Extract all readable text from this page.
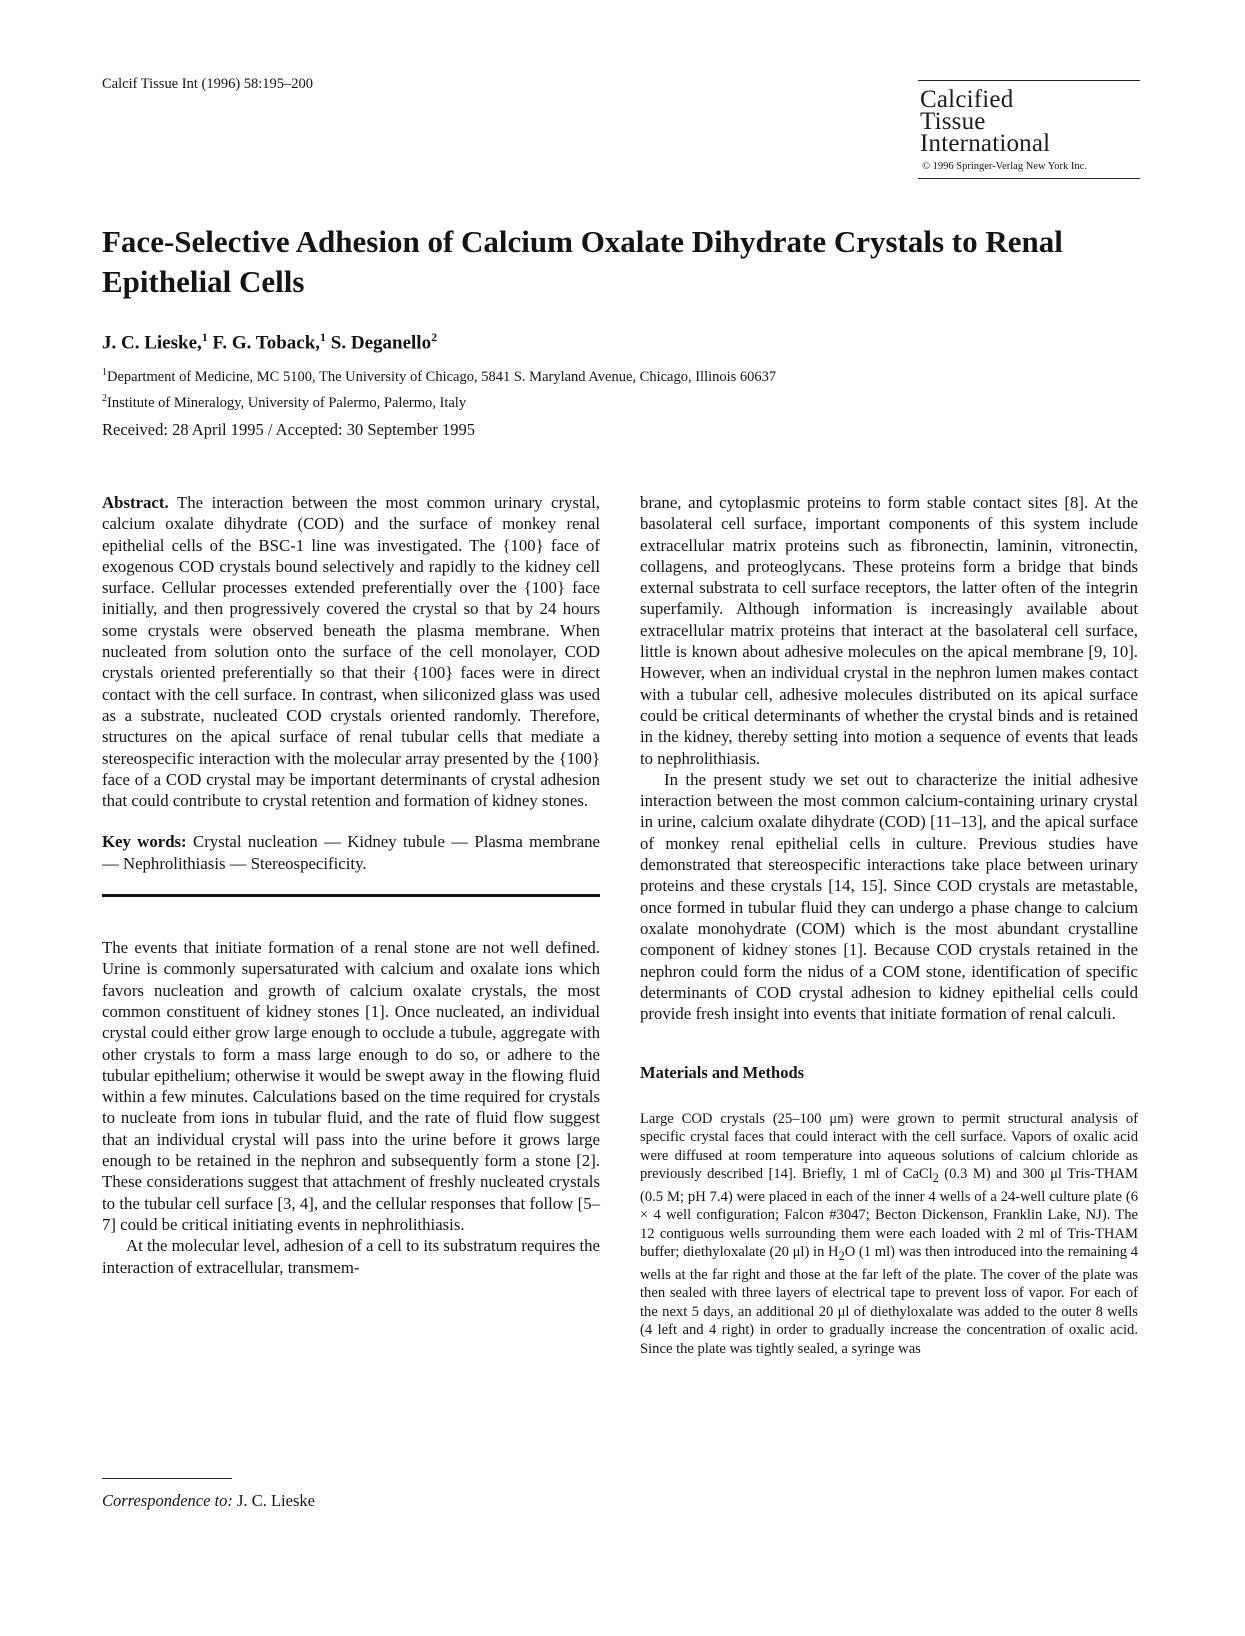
Calcif Tissue Int (1996) 58:195–200
Calcified
Tissue
International
© 1996 Springer-Verlag New York Inc.
Face-Selective Adhesion of Calcium Oxalate Dihydrate Crystals to Renal Epithelial Cells
J. C. Lieske,$^1$ F. G. Toback,$^1$ S. Deganello$^2$
$^1$Department of Medicine, MC 5100, The University of Chicago, 5841 S. Maryland Avenue, Chicago, Illinois 60637
$^2$Institute of Mineralogy, University of Palermo, Palermo, Italy
Received: 28 April 1995 / Accepted: 30 September 1995

Abstract. The interaction between the most common urinary crystal, calcium oxalate dihydrate (COD) and the surface of monkey renal epithelial cells of the BSC-1 line was investigated. The {100} face of exogenous COD crystals bound selectively and rapidly to the kidney cell surface. Cellular processes extended preferentially over the {100} face initially, and then progressively covered the crystal so that by 24 hours some crystals were observed beneath the plasma membrane. When nucleated from solution onto the surface of the cell monolayer, COD crystals oriented preferentially so that their {100} faces were in direct contact with the cell surface. In contrast, when siliconized glass was used as a substrate, nucleated COD crystals oriented randomly. Therefore, structures on the apical surface of renal tubular cells that mediate a stereospecific interaction with the molecular array presented by the {100} face of a COD crystal may be important determinants of crystal adhesion that could contribute to crystal retention and formation of kidney stones.

Key words: Crystal nucleation — Kidney tubule — Plasma membrane — Nephrolithiasis — Stereospecificity.

The events that initiate formation of a renal stone are not well defined. Urine is commonly supersaturated with calcium and oxalate ions which favors nucleation and growth of calcium oxalate crystals, the most common constituent of kidney stones [1]. Once nucleated, an individual crystal could either grow large enough to occlude a tubule, aggregate with other crystals to form a mass large enough to do so, or adhere to the tubular epithelium; otherwise it would be swept away in the flowing fluid within a few minutes. Calculations based on the time required for crystals to nucleate from ions in tubular fluid, and the rate of fluid flow suggest that an individual crystal will pass into the urine before it grows large enough to be retained in the nephron and subsequently form a stone [2]. These considerations suggest that attachment of freshly nucleated crystals to the tubular cell surface [3, 4], and the cellular responses that follow [5–7] could be critical initiating events in nephrolithiasis.

At the molecular level, adhesion of a cell to its substratum requires the interaction of extracellular, transmem-

brane, and cytoplasmic proteins to form stable contact sites [8]. At the basolateral cell surface, important components of this system include extracellular matrix proteins such as fibronectin, laminin, vitronectin, collagens, and proteoglycans. These proteins form a bridge that binds external substrata to cell surface receptors, the latter often of the integrin superfamily. Although information is increasingly available about extracellular matrix proteins that interact at the basolateral cell surface, little is known about adhesive molecules on the apical membrane [9, 10]. However, when an individual crystal in the nephron lumen makes contact with a tubular cell, adhesive molecules distributed on its apical surface could be critical determinants of whether the crystal binds and is retained in the kidney, thereby setting into motion a sequence of events that leads to nephrolithiasis.

In the present study we set out to characterize the initial adhesive interaction between the most common calcium-containing urinary crystal in urine, calcium oxalate dihydrate (COD) [11–13], and the apical surface of monkey renal epithelial cells in culture. Previous studies have demonstrated that stereospecific interactions take place between urinary proteins and these crystals [14, 15]. Since COD crystals are metastable, once formed in tubular fluid they can undergo a phase change to calcium oxalate monohydrate (COM) which is the most abundant crystalline component of kidney stones [1]. Because COD crystals retained in the nephron could form the nidus of a COM stone, identification of specific determinants of COD crystal adhesion to kidney epithelial cells could provide fresh insight into events that initiate formation of renal calculi.

Materials and Methods

Large COD crystals (25–100 μm) were grown to permit structural analysis of specific crystal faces that could interact with the cell surface. Vapors of oxalic acid were diffused at room temperature into aqueous solutions of calcium chloride as previously described [14]. Briefly, 1 ml of CaCl$_2$ (0.3 M) and 300 μl Tris-THAM (0.5 M; pH 7.4) were placed in each of the inner 4 wells of a 24-well culture plate (6 × 4 well configuration; Falcon #3047; Becton Dickenson, Franklin Lake, NJ). The 12 contiguous wells surrounding them were each loaded with 2 ml of Tris-THAM buffer; diethyloxalate (20 μl) in $H_2O$ (1 ml) was then introduced into the remaining 4 wells at the far right and those at the far left of the plate. The cover of the plate was then sealed with three layers of electrical tape to prevent loss of vapor. For each of the next 5 days, an additional 20 μl of diethyloxalate was added to the outer 8 wells (4 left and 4 right) in order to gradually increase the concentration of oxalic acid. Since the plate was tightly sealed, a syringe was

Correspondence to: J. C. Lieske
